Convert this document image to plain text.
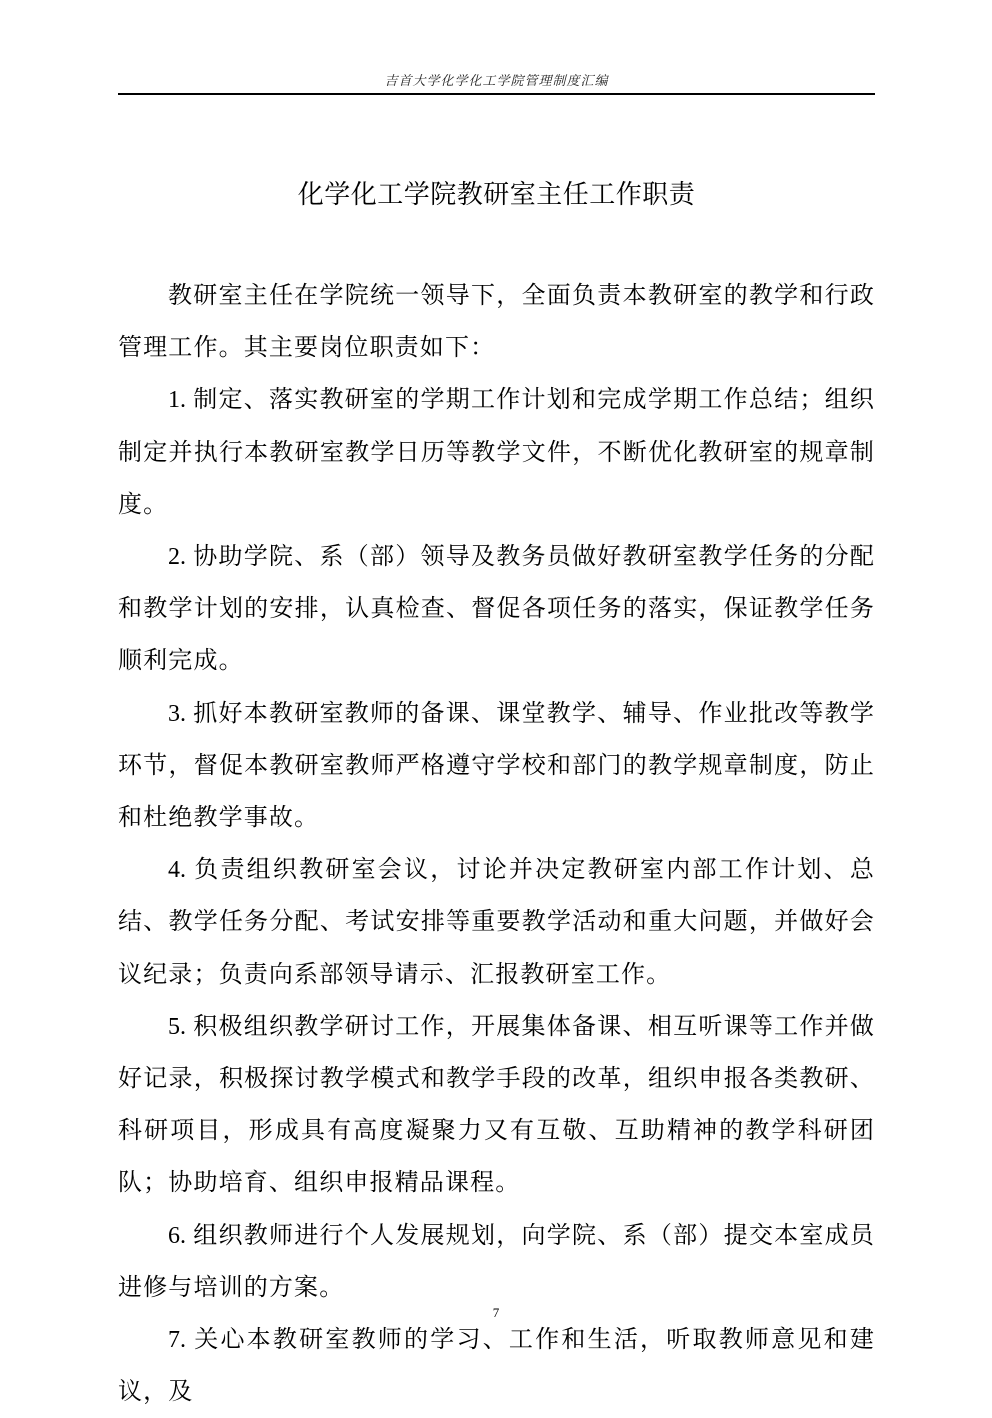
吉首大学化学化工学院管理制度汇编
化学化工学院教研室主任工作职责

教研室主任在学院统一领导下，全面负责本教研室的教学和行政管理工作。其主要岗位职责如下：

1. 制定、落实教研室的学期工作计划和完成学期工作总结；组织制定并执行本教研室教学日历等教学文件，不断优化教研室的规章制度。

2. 协助学院、系（部）领导及教务员做好教研室教学任务的分配和教学计划的安排，认真检查、督促各项任务的落实，保证教学任务顺利完成。

3. 抓好本教研室教师的备课、课堂教学、辅导、作业批改等教学环节，督促本教研室教师严格遵守学校和部门的教学规章制度，防止和杜绝教学事故。

4. 负责组织教研室会议，讨论并决定教研室内部工作计划、总结、教学任务分配、考试安排等重要教学活动和重大问题，并做好会议纪录；负责向系部领导请示、汇报教研室工作。

5. 积极组织教学研讨工作，开展集体备课、相互听课等工作并做好记录，积极探讨教学模式和教学手段的改革，组织申报各类教研、科研项目，形成具有高度凝聚力又有互敬、互助精神的教学科研团队；协助培育、组织申报精品课程。

6. 组织教师进行个人发展规划，向学院、系（部）提交本室成员进修与培训的方案。

7. 关心本教研室教师的学习、工作和生活，听取教师意见和建议，及

7
